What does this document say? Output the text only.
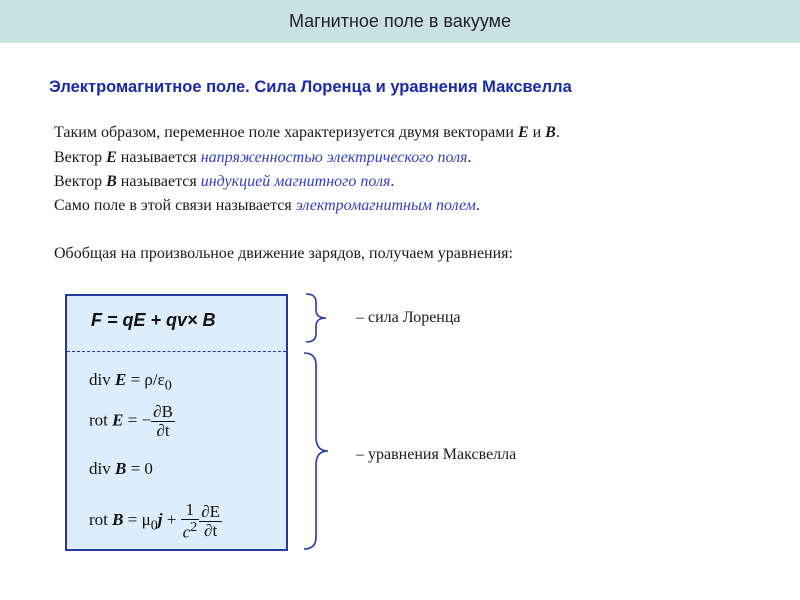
Магнитное поле в вакууме
Электромагнитное поле. Сила Лоренца и уравнения Максвелла
Таким образом, переменное поле характеризуется двумя векторами E и B.
Вектор E называется напряженностью электрического поля.
Вектор B называется индукцией магнитного поля.
Само поле в этой связи называется электромагнитным полем.
Обобщая на произвольное движение зарядов, получаем уравнения:
F = qE + qv× B
div $E = \rho/\varepsilon_0$
rot E = − $\frac{\partial B}{\partial t}$
div B = 0
rot $B = \mu_0j + \frac{1}{c^2} \frac{\partial E}{\partial t}$
– сила Лоренца
– уравнения Максвелла
